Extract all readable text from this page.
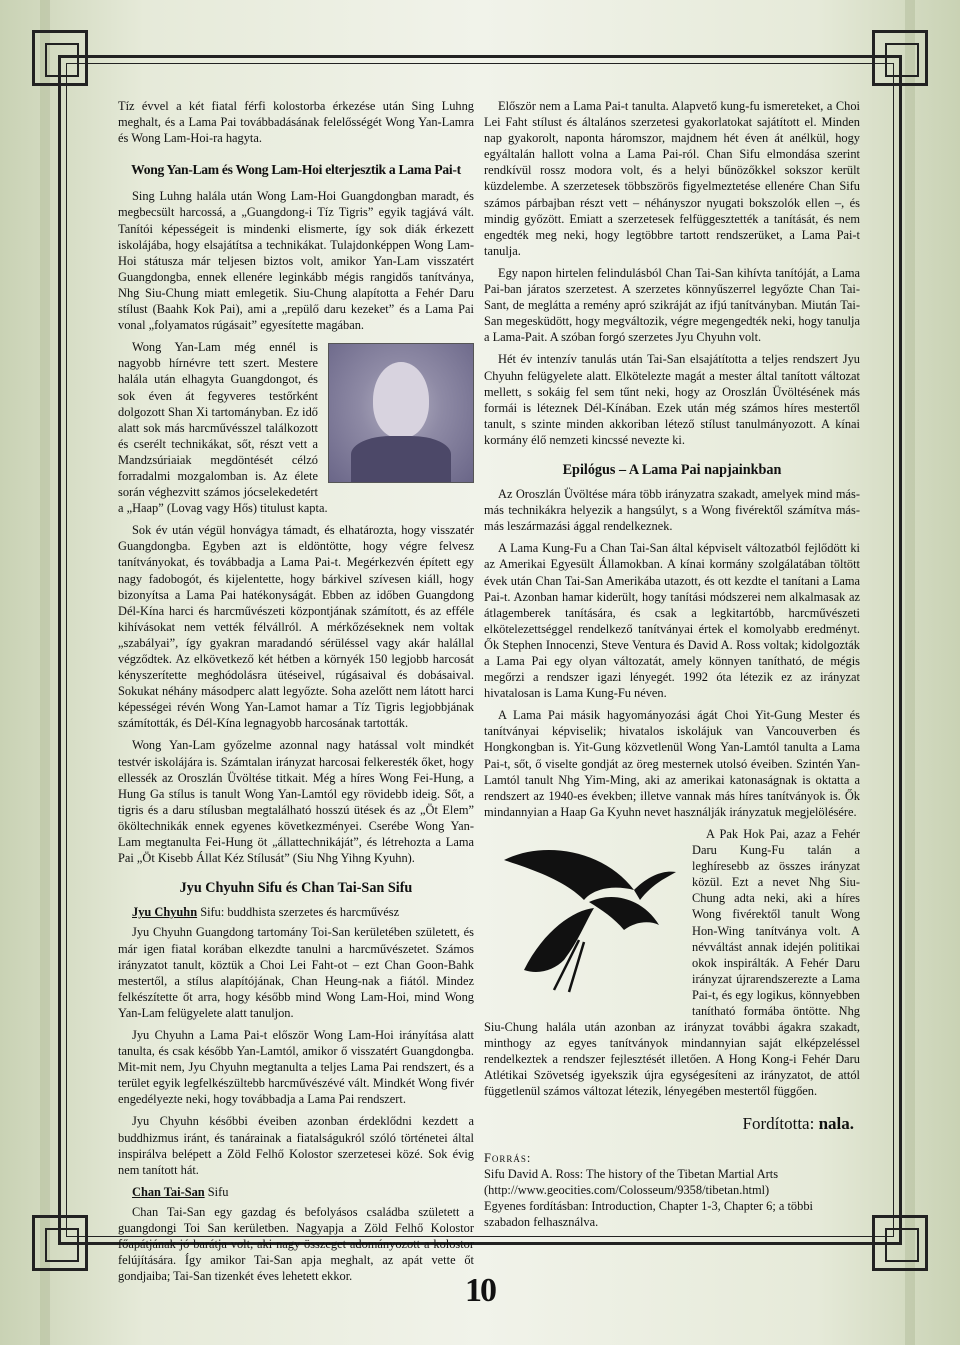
Tíz évvel a két fiatal férfi kolostorba érkezése után Sing Luhng meghalt, és a Lama Pai továbbadásának felelősségét Wong Yan-Lamra és Wong Lam-Hoi-ra hagyta.

Wong Yan-Lam és Wong Lam-Hoi elterjesztik a Lama Pai-t

Sing Luhng halála után Wong Lam-Hoi Guangdongban maradt, és megbecsült harcossá, a „Guangdong-i Tíz Tigris” egyik tagjává vált. Tanítói képességeit is mindenki elismerte, így sok diák érkezett iskolájába, hogy elsajátítsa a technikákat. Tulajdonképpen Wong Lam-Hoi státusza már teljesen biztos volt, amikor Yan-Lam visszatért Guangdongba, ennek ellenére leginkább mégis rangidős tanítványa, Nhg Siu-Chung miatt emlegetik. Siu-Chung alapította a Fehér Daru stílust (Baahk Kok Pai), ami a „repülő daru kezeket” és a Lama Pai vonal „folyamatos rúgásait” egyesítette magában.

Wong Yan-Lam még ennél is nagyobb hírnévre tett szert. Mestere halála után elhagyta Guangdongot, és sok éven át fegyveres testőrként dolgozott Shan Xi tartományban. Ez idő alatt sok más harcművésszel találkozott és cserélt technikákat, sőt, részt vett a Mandzsúriaiak megdöntését célzó forradalmi mozgalomban is. Az élete során véghezvitt számos jócselekedetért a „Haap” (Lovag vagy Hős) titulust kapta.

Sok év után végül honvágya támadt, és elhatározta, hogy visszatér Guangdongba. Egyben azt is eldöntötte, hogy végre felvesz tanítványokat, és továbbadja a Lama Pai-t. Megérkezvén épített egy nagy fadobogót, és kijelentette, hogy bárkivel szívesen kiáll, hogy bizonyítsa a Lama Pai hatékonyságát. Ebben az időben Guangdong Dél-Kína harci és harcművészeti központjának számított, és az efféle kihívásokat nem vették félvállról. A mérkőzéseknek nem voltak „szabályai”, így gyakran maradandó sérüléssel vagy akár halállal végződtek. Az elkövetkező két hétben a környék 150 legjobb harcosát kényszerítette meghódolásra ütéseivel, rúgásaival és dobásaival. Sokukat néhány másodperc alatt legyőzte. Soha azelőtt nem látott harci képességei révén Wong Yan-Lamot hamar a Tíz Tigris legjobbjának számították, és Dél-Kína legnagyobb harcosának tartották.

Wong Yan-Lam győzelme azonnal nagy hatással volt mindkét testvér iskolájára is. Számtalan irányzat harcosai felkeresték őket, hogy ellessék az Oroszlán Üvöltése titkait. Még a híres Wong Fei-Hung, a Hung Ga stílus is tanult Wong Yan-Lamtól egy rövidebb ideig. Sőt, a tigris és a daru stílusban megtalálható hosszú ütések és az „Öt Elem” ököltechnikák ennek egyenes következményei. Cserébe Wong Yan-Lam megtanulta Fei-Hung öt „állattechnikáját”, és létrehozta a Lama Pai „Öt Kisebb Állat Kéz Stílusát” (Siu Nhg Yihng Kyuhn).

Jyu Chyuhn Sifu és Chan Tai-San Sifu
Jyu Chyuhn Sifu: buddhista szerzetes és harcművész

Jyu Chyuhn Guangdong tartomány Toi-San kerületében született, és már igen fiatal korában elkezdte tanulni a harcművészetet. Számos irányzatot tanult, köztük a Choi Lei Faht-ot – ezt Chan Goon-Bahk mestertől, a stílus alapítójának, Chan Heung-nak a fiától. Mindez felkészítette őt arra, hogy később mind Wong Lam-Hoi, mind Wong Yan-Lam felügyelete alatt tanuljon.

Jyu Chyuhn a Lama Pai-t először Wong Lam-Hoi irányítása alatt tanulta, és csak később Yan-Lamtól, amikor ő visszatért Guangdongba. Mit-mit nem, Jyu Chyuhn megtanulta a teljes Lama Pai rendszert, és a terület egyik legfelkészültebb harcművészévé vált. Mindkét Wong fivér engedélyezte neki, hogy továbbadja a Lama Pai rendszert.

Jyu Chyuhn későbbi éveiben azonban érdeklődni kezdett a buddhizmus iránt, és tanárainak a fiatalságukról szóló történetei által inspirálva belépett a Zöld Felhő Kolostor szerzetesei közé. Sok évig nem tanított hát.

Chan Tai-San Sifu

Chan Tai-San egy gazdag és befolyásos családba született a guangdongi Toi San kerületben. Nagyapja a Zöld Felhő Kolostor főapátjának jó barátja volt, aki nagy összeget adományozott a kolostor felújítására. Így amikor Tai-San apja meghalt, az apát vette őt gondjaiba; Tai-San tizenkét éves lehetett ekkor.

Először nem a Lama Pai-t tanulta. Alapvető kung-fu ismereteket, a Choi Lei Faht stílust és általános szerzetesi gyakorlatokat sajátított el. Minden nap gyakorolt, naponta háromszor, majdnem hét éven át anélkül, hogy egyáltalán hallott volna a Lama Pai-ról. Chan Sifu elmondása szerint rendkívül rossz modora volt, és a helyi bűnözőkkel sokszor került küzdelembe. A szerzetesek többszörös figyelmeztetése ellenére Chan Sifu számos párbajban részt vett – néhányszor nyugati bokszolók ellen –, és mindig győzött. Emiatt a szerzetesek felfüggesztették a tanítását, és nem engedték meg neki, hogy legtöbbre tartott rendszerüket, a Lama Pai-t tanulja.

Egy napon hirtelen felindulásból Chan Tai-San kihívta tanítóját, a Lama Pai-ban járatos szerzetest. A szerzetes könnyűszerrel legyőzte Chan Tai-Sant, de meglátta a remény apró szikráját az ifjú tanítványban. Miután Tai-San megesküdött, hogy megváltozik, végre megengedték neki, hogy tanulja a Lama-Pait. A szóban forgó szerzetes Jyu Chyuhn volt.

Hét év intenzív tanulás után Tai-San elsajátította a teljes rendszert Jyu Chyuhn felügyelete alatt. Elkötelezte magát a mester által tanított változat mellett, s sokáig fel sem tűnt neki, hogy az Oroszlán Üvöltésének más formái is léteznek Dél-Kínában. Ezek után még számos híres mestertől tanult, s szinte minden akkoriban létező stílust tanulmányozott. A kínai kormány élő nemzeti kincssé nevezte ki.

Epilógus – A Lama Pai napjainkban

Az Oroszlán Üvöltése mára több irányzatra szakadt, amelyek mind más-más technikákra helyezik a hangsúlyt, s a Wong fivérektől számítva más-más leszármazási ággal rendelkeznek.

A Lama Kung-Fu a Chan Tai-San által képviselt változatból fejlődött ki az Amerikai Egyesült Államokban. A kínai kormány szolgálatában töltött évek után Chan Tai-San Amerikába utazott, és ott kezdte el tanítani a Lama Pai-t. Azonban hamar kiderült, hogy tanítási módszerei nem alkalmasak az átlagemberek tanítására, és csak a legkitartóbb, harcművészeti elkötelezettséggel rendelkező tanítványai értek el komolyabb eredményt. Ők Stephen Innocenzi, Steve Ventura és David A. Ross voltak; kidolgozták a Lama Pai egy olyan változatát, amely könnyen tanítható, de mégis megőrzi a rendszer igazi lényegét. 1992 óta létezik ez az irányzat hivatalosan is Lama Kung-Fu néven.

A Lama Pai másik hagyományozási ágát Choi Yit-Gung Mester és tanítványai képviselik; hivatalos iskolájuk van Vancouverben és Hongkongban is. Yit-Gung közvetlenül Wong Yan-Lamtól tanulta a Lama Pai-t, sőt, ő viselte gondját az öreg mesternek utolsó éveiben. Szintén Yan-Lamtól tanult Nhg Yim-Ming, aki az amerikai katonaságnak is oktatta a rendszert az 1940-es években; illetve vannak más híres tanítványok is. Ők mindannyian a Haap Ga Kyuhn nevet használják irányzatuk megjelölésére.

A Pak Hok Pai, azaz a Fehér Daru Kung-Fu talán a leghíresebb az összes irányzat közül. Ezt a nevet Nhg Siu-Chung adta neki, aki a híres Wong fivérektől tanult Wong Hon-Wing tanítványa volt. A névváltást annak idején politikai okok inspirálták. A Fehér Daru irányzat újrarendszerezte a Lama Pai-t, és egy logikus, könnyebben tanítható formába öntötte. Nhg Siu-Chung halála után azonban az irányzat további ágakra szakadt, minthogy az egyes tanítványok mindannyian saját elképzeléssel rendelkeztek a rendszer fejlesztését illetően. A Hong Kong-i Fehér Daru Atlétikai Szövetség igyekszik újra egységesíteni az irányzatot, de attól függetlenül számos változat létezik, lényegében mestertől függően.

Fordította: nala.
Forrás:
Sifu David A. Ross: The history of the Tibetan Martial Arts
(http://www.geocities.com/Colosseum/9358/tibetan.html)
Egyenes fordításban: Introduction, Chapter 1-3, Chapter 6; a többi szabadon felhasználva.
10
